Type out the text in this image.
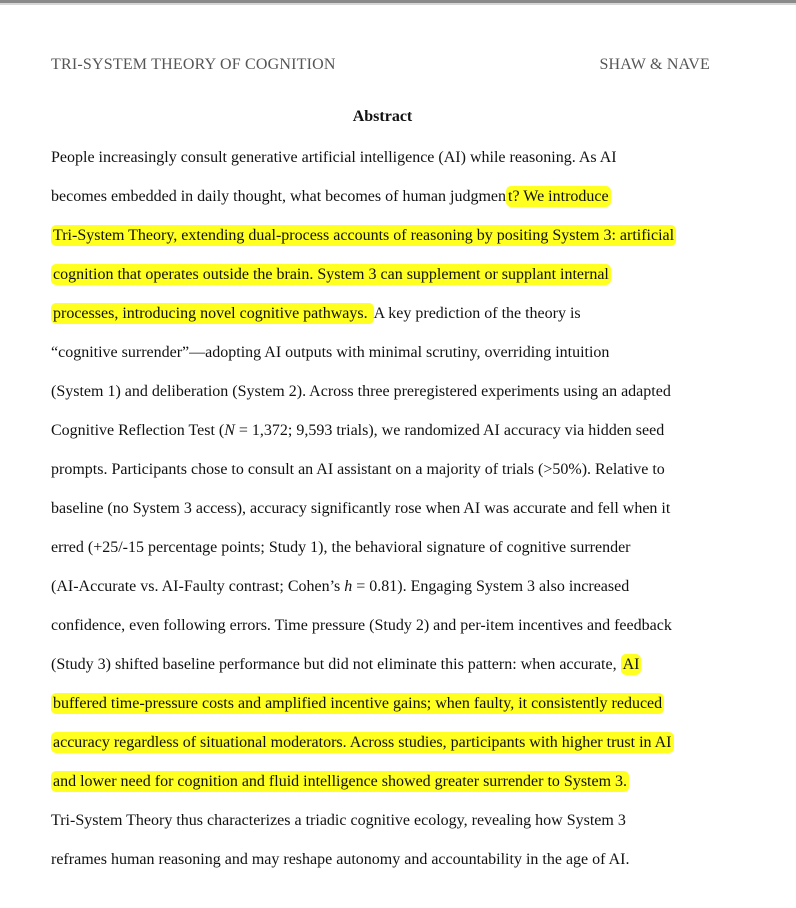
TRI-SYSTEM THEORY OF COGNITION	SHAW & NAVE
Abstract
People increasingly consult generative artificial intelligence (AI) while reasoning. As AI
becomes embedded in daily thought, what becomes of human judgmen t? We introduce
Tri-System Theory, extending dual-process accounts of reasoning by positing System 3: artificial
cognition that operates outside the brain. System 3 can supplement or supplant internal
processes, introducing novel cognitive pathways. A key prediction of the theory is
“cognitive surrender”—adopting AI outputs with minimal scrutiny, overriding intuition
(System 1) and deliberation (System 2). Across three preregistered experiments using an adapted
Cognitive Reflection Test (N = 1,372; 9,593 trials), we randomized AI accuracy via hidden seed
prompts. Participants chose to consult an AI assistant on a majority of trials (>50%). Relative to
baseline (no System 3 access), accuracy significantly rose when AI was accurate and fell when it
erred (+25/-15 percentage points; Study 1), the behavioral signature of cognitive surrender
(AI-Accurate vs. AI-Faulty contrast; Cohen’s h = 0.81). Engaging System 3 also increased
confidence, even following errors. Time pressure (Study 2) and per-item incentives and feedback
(Study 3) shifted baseline performance but did not eliminate this pattern: when accurate, AI
buffered time-pressure costs and amplified incentive gains; when faulty, it consistently reduced
accuracy regardless of situational moderators. Across studies, participants with higher trust in AI
and lower need for cognition and fluid intelligence showed greater surrender to System 3.
Tri-System Theory thus characterizes a triadic cognitive ecology, revealing how System 3
reframes human reasoning and may reshape autonomy and accountability in the age of AI.
